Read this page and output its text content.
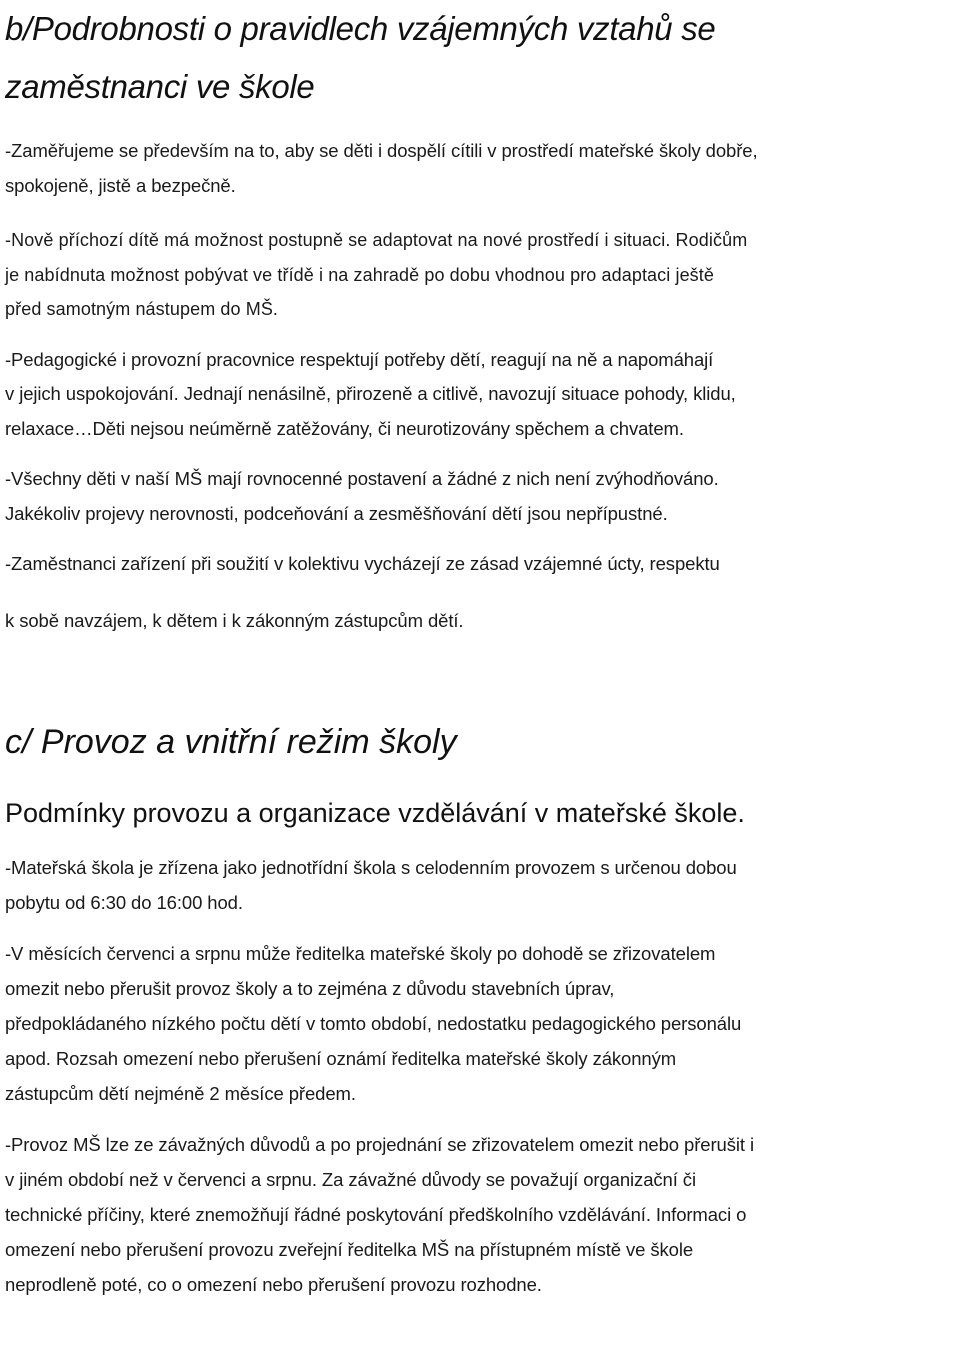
b/Podrobnosti o pravidlech vzájemných vztahů se
zaměstnanci ve škole

-Zaměřujeme se především na to, aby se děti i dospělí cítili v prostředí mateřské školy dobře,
spokojeně, jistě a bezpečně.

-Nově příchozí dítě má možnost postupně se adaptovat na nové prostředí i situaci. Rodičům
je nabídnuta možnost pobývat ve třídě i na zahradě po dobu vhodnou pro adaptaci ještě
před samotným nástupem do MŠ.

-Pedagogické i provozní pracovnice respektují potřeby dětí, reagují na ně a napomáhají
v jejich uspokojování. Jednají nenásilně, přirozeně a citlivě, navozují situace pohody, klidu,
relaxace…Děti nejsou neúměrně zatěžovány, či neurotizovány spěchem a chvatem.

-Všechny děti v naší MŠ mají rovnocenné postavení a žádné z nich není zvýhodňováno.
Jakékoliv projevy nerovnosti, podceňování a zesměšňování dětí jsou nepřípustné.

-Zaměstnanci zařízení při soužití v kolektivu vycházejí ze zásad vzájemné úcty, respektu

k sobě navzájem, k dětem i k zákonným zástupcům dětí.

c/ Provoz a vnitřní režim školy
Podmínky provozu a organizace vzdělávání v mateřské škole.

-Mateřská škola je zřízena jako jednotřídní škola s celodenním provozem s určenou dobou
pobytu od 6:30 do 16:00 hod.

-V měsících červenci a srpnu může ředitelka mateřské školy po dohodě se zřizovatelem
omezit nebo přerušit provoz školy a to zejména z důvodu stavebních úprav,
předpokládaného nízkého počtu dětí v tomto období, nedostatku pedagogického personálu
apod. Rozsah omezení nebo přerušení oznámí ředitelka mateřské školy zákonným
zástupcům dětí nejméně 2 měsíce předem.

-Provoz MŠ lze ze závažných důvodů a po projednání se zřizovatelem omezit nebo přerušit i
v jiném období než v červenci a srpnu. Za závažné důvody se považují organizační či
technické příčiny, které znemožňují řádné poskytování předškolního vzdělávání. Informaci o
omezení nebo přerušení provozu zveřejní ředitelka MŠ na přístupném místě ve škole
neprodleně poté, co o omezení nebo přerušení provozu rozhodne.
